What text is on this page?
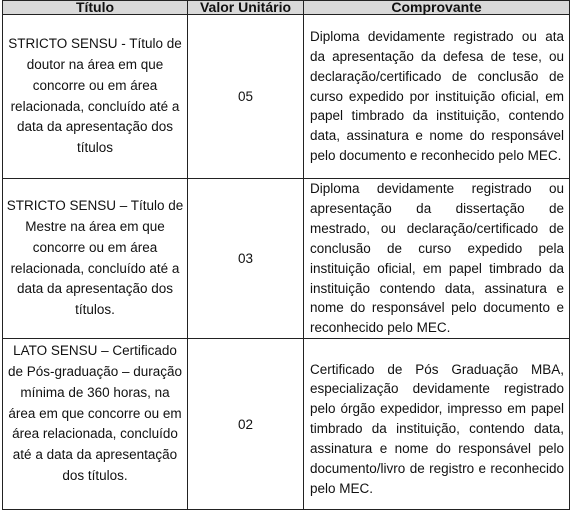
Título	Valor Unitário	Comprovante
STRICTO SENSU - Título de doutor na área em que concorre ou em área relacionada, concluído até a data da apresentação dos títulos	05	Diploma devidamente registrado ou ata da apresentação da defesa de tese, ou declaração/certificado de conclusão de curso expedido por instituição oficial, em papel timbrado da instituição, contendo data, assinatura e nome do responsável pelo documento e reconhecido pelo MEC.
STRICTO SENSU – Título de Mestre na área em que concorre ou em área relacionada, concluído até a data da apresentação dos títulos.	03	Diploma devidamente registrado ou apresentação da dissertação de mestrado, ou declaração/certificado de conclusão de curso expedido pela instituição oficial, em papel timbrado da instituição contendo data, assinatura e nome do responsável pelo documento e reconhecido pelo MEC.
LATO SENSU – Certificado de Pós-graduação – duração mínima de 360 horas, na área em que concorre ou em área relacionada, concluído até a data da apresentação dos títulos.	02	Certificado de Pós Graduação MBA, especialização devidamente registrado pelo órgão expedidor, impresso em papel timbrado da instituição, contendo data, assinatura e nome do responsável pelo documento/livro de registro e reconhecido pelo MEC.
